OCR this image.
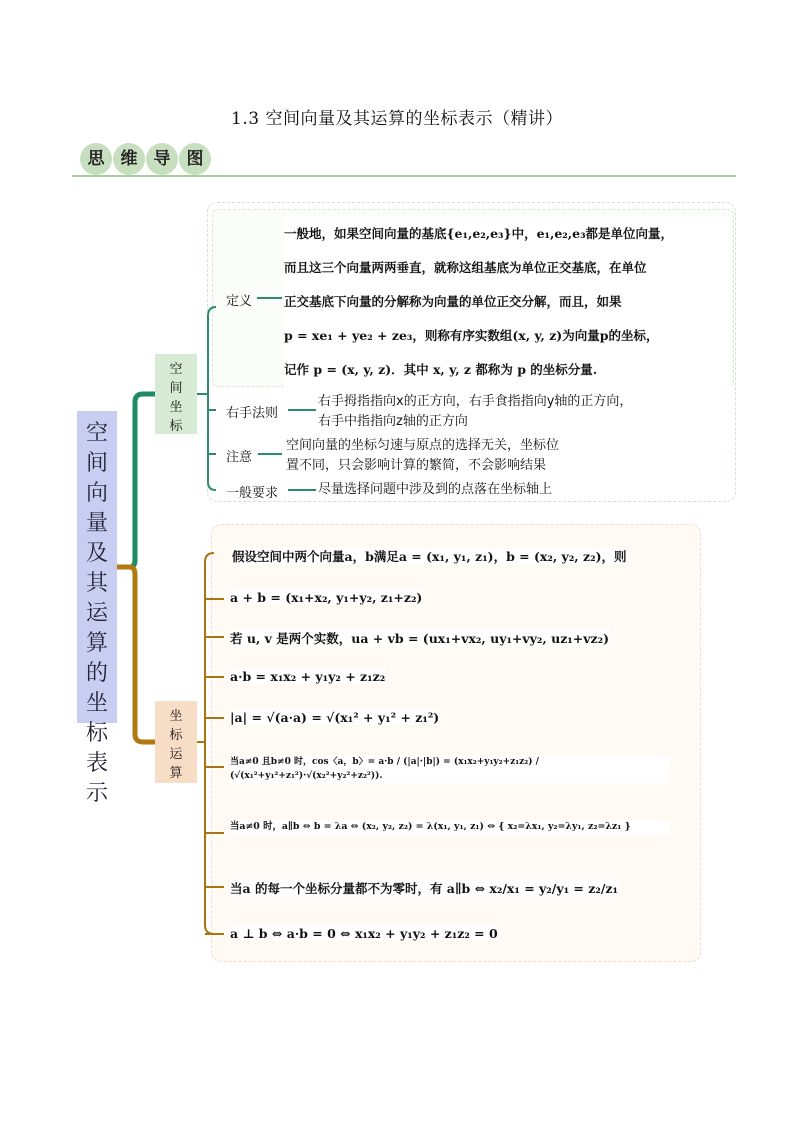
1.3 空间向量及其运算的坐标表示（精讲）
思 维 导 图
空
间
向
量
及
其
运
算
的
坐
标
表
示
空
间
坐
标
坐
标
运
算
定义
右手法则
注意
一般要求
一般地，如果空间向量的基底{e₁,e₂,e₃}中，e₁,e₂,e₃都是单位向量，
而且这三个向量两两垂直，就称这组基底为单位正交基底，在单位
正交基底下向量的分解称为向量的单位正交分解，而且，如果
p = xe₁ + ye₂ + ze₃，则称有序实数组(x, y, z)为向量p的坐标，
记作 p = (x, y, z)．其中 x, y, z 都称为 p 的坐标分量.
右手拇指指向x的正方向，右手食指指向y轴的正方向，
右手中指指向z轴的正方向
空间向量的坐标匀速与原点的选择无关，坐标位
置不同，只会影响计算的繁简，不会影响结果
尽量选择问题中涉及到的点落在坐标轴上
假设空间中两个向量a，b满足a = (x₁, y₁, z₁)，b = (x₂, y₂, z₂)，则
a + b = (x₁+x₂, y₁+y₂, z₁+z₂)
若 u, v 是两个实数，ua + vb = (ux₁+vx₂, uy₁+vy₂, uz₁+vz₂)
a·b = x₁x₂ + y₁y₂ + z₁z₂
|a| = √(a·a) = √(x₁² + y₁² + z₁²)
当a≠0 且b≠0 时，cos〈a，b〉= a·b / (|a|·|b|) = (x₁x₂+y₁y₂+z₁z₂) / (√(x₁²+y₁²+z₁²)·√(x₂²+y₂²+z₂²)).
当a≠0 时，a∥b ⇔ b = λa ⇔ (x₂, y₂, z₂) = λ(x₁, y₁, z₁) ⇔ { x₂=λx₁, y₂=λy₁, z₂=λz₁ }
当a 的每一个坐标分量都不为零时，有 a∥b ⇔ x₂/x₁ = y₂/y₁ = z₂/z₁
a ⊥ b ⇔ a·b = 0 ⇔ x₁x₂ + y₁y₂ + z₁z₂ = 0
